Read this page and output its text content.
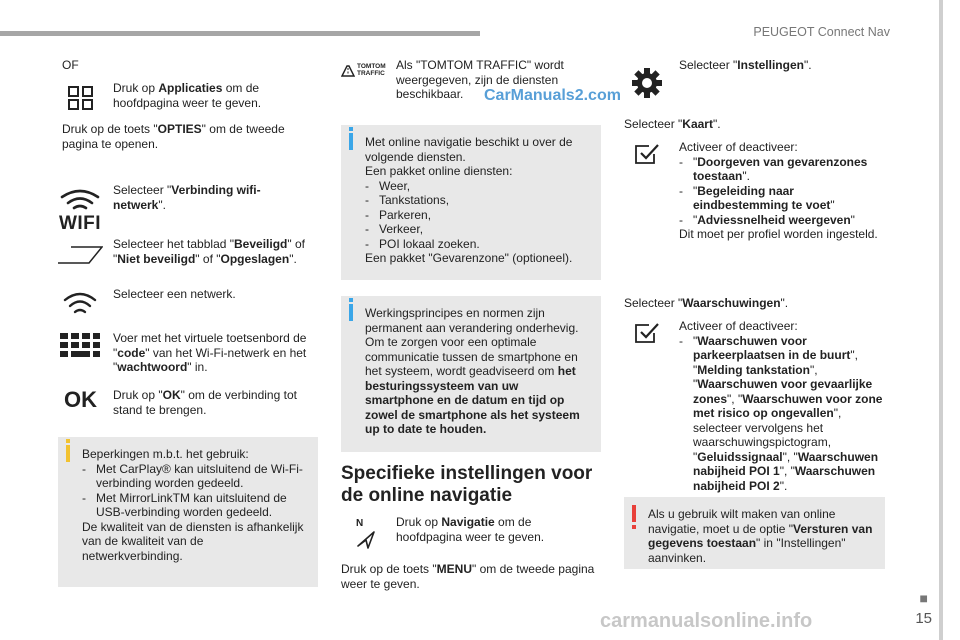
PEUGEOT Connect Nav
■
15
OF
Druk op Applicaties om de hoofdpagina weer te geven.
Druk op de toets "OPTIES" om de tweede pagina te openen.
WIFI
Selecteer "Verbinding wifi-netwerk".
Selecteer het tabblad "Beveiligd" of "Niet beveiligd" of "Opgeslagen".
Selecteer een netwerk.
Voer met het virtuele toetsenbord de "code" van het Wi-Fi-netwerk en het "wachtwoord" in.
OK Druk op "OK" om de verbinding tot stand te brengen.
Beperkingen m.b.t. het gebruik:
- Met CarPlay® kan uitsluitend de Wi-Fi-verbinding worden gedeeld.
- Met MirrorLinkTM kan uitsluitend de USB-verbinding worden gedeeld.
De kwaliteit van de diensten is afhankelijk van de kwaliteit van de netwerkverbinding.
TOMTOM TRAFFIC
Als "TOMTOM TRAFFIC" wordt weergegeven, zijn de diensten beschikbaar.	CarManuals2.com
Met online navigatie beschikt u over de volgende diensten.
Een pakket online diensten:
- Weer,
- Tankstations,
- Parkeren,
- Verkeer,
- POI lokaal zoeken.
Een pakket "Gevarenzone" (optioneel).
Werkingsprincipes en normen zijn permanent aan verandering onderhevig. Om te zorgen voor een optimale communicatie tussen de smartphone en het systeem, wordt geadviseerd om het besturingssysteem van uw smartphone en de datum en tijd op zowel de smartphone als het systeem up to date te houden.
Specifieke instellingen voor de online navigatie
N	Druk op Navigatie om de hoofdpagina weer te geven.
Druk op de toets "MENU" om de tweede pagina weer te geven.
Selecteer "Instellingen".
Selecteer "Kaart".
Activeer of deactiveer:
- "Doorgeven van gevarenzones toestaan".
- "Begeleiding naar eindbestemming te voet"
- "Adviessnelheid weergeven"
Dit moet per profiel worden ingesteld.
Selecteer "Waarschuwingen".
Activeer of deactiveer:
- "Waarschuwen voor parkeerplaatsen in de buurt", "Melding tankstation", "Waarschuwen voor gevaarlijke zones", "Waarschuwen voor zone met risico op ongevallen", selecteer vervolgens het waarschuwingspictogram, "Geluidssignaal", "Waarschuwen nabijheid POI 1", "Waarschuwen nabijheid POI 2".
Als u gebruik wilt maken van online navigatie, moet u de optie "Versturen van gegevens toestaan" in "Instellingen" aanvinken.
carmanualsonline.info
